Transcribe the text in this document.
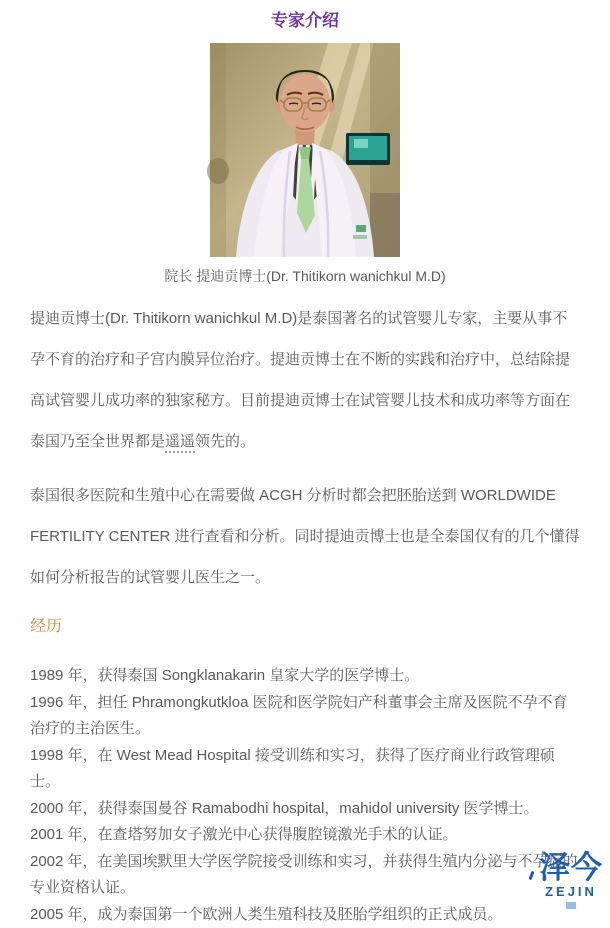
专家介绍
院长 提迪贡博士(Dr. Thitikorn wanichkul M.D)

提迪贡博士(Dr. Thitikorn wanichkul M.D)是泰国著名的试管婴儿专家，主要从事不孕不育的治疗和子宫内膜异位治疗。提迪贡博士在不断的实践和治疗中，总结除提高试管婴儿成功率的独家秘方。目前提迪贡博士在试管婴儿技术和成功率等方面在泰国乃至全世界都是遥遥领先的。

泰国很多医院和生殖中心在需要做 ACGH 分析时都会把胚胎送到 WORLDWIDE FERTILITY CENTER 进行查看和分析。同时提迪贡博士也是全泰国仅有的几个懂得如何分析报告的试管婴儿医生之一。

经历
1989 年，获得泰国 Songklanakarin 皇家大学的医学博士。
1996 年，担任 Phramongkutkloa 医院和医学院妇产科董事会主席及医院不孕不育治疗的主治医生。
1998 年，在 West Mead Hospital 接受训练和实习，获得了医疗商业行政管理硕士。
2000 年，获得泰国曼谷 Ramabodhi hospital，mahidol university 医学博士。
2001 年，在查塔努加女子激光中心获得腹腔镜激光手术的认证。
2002 年，在美国埃默里大学医学院接受训练和实习，并获得生殖内分泌与不孕症的专业资格认证。
2005 年，成为泰国第一个欧洲人类生殖科技及胚胎学组织的正式成员。
泽今
ZEJIN
